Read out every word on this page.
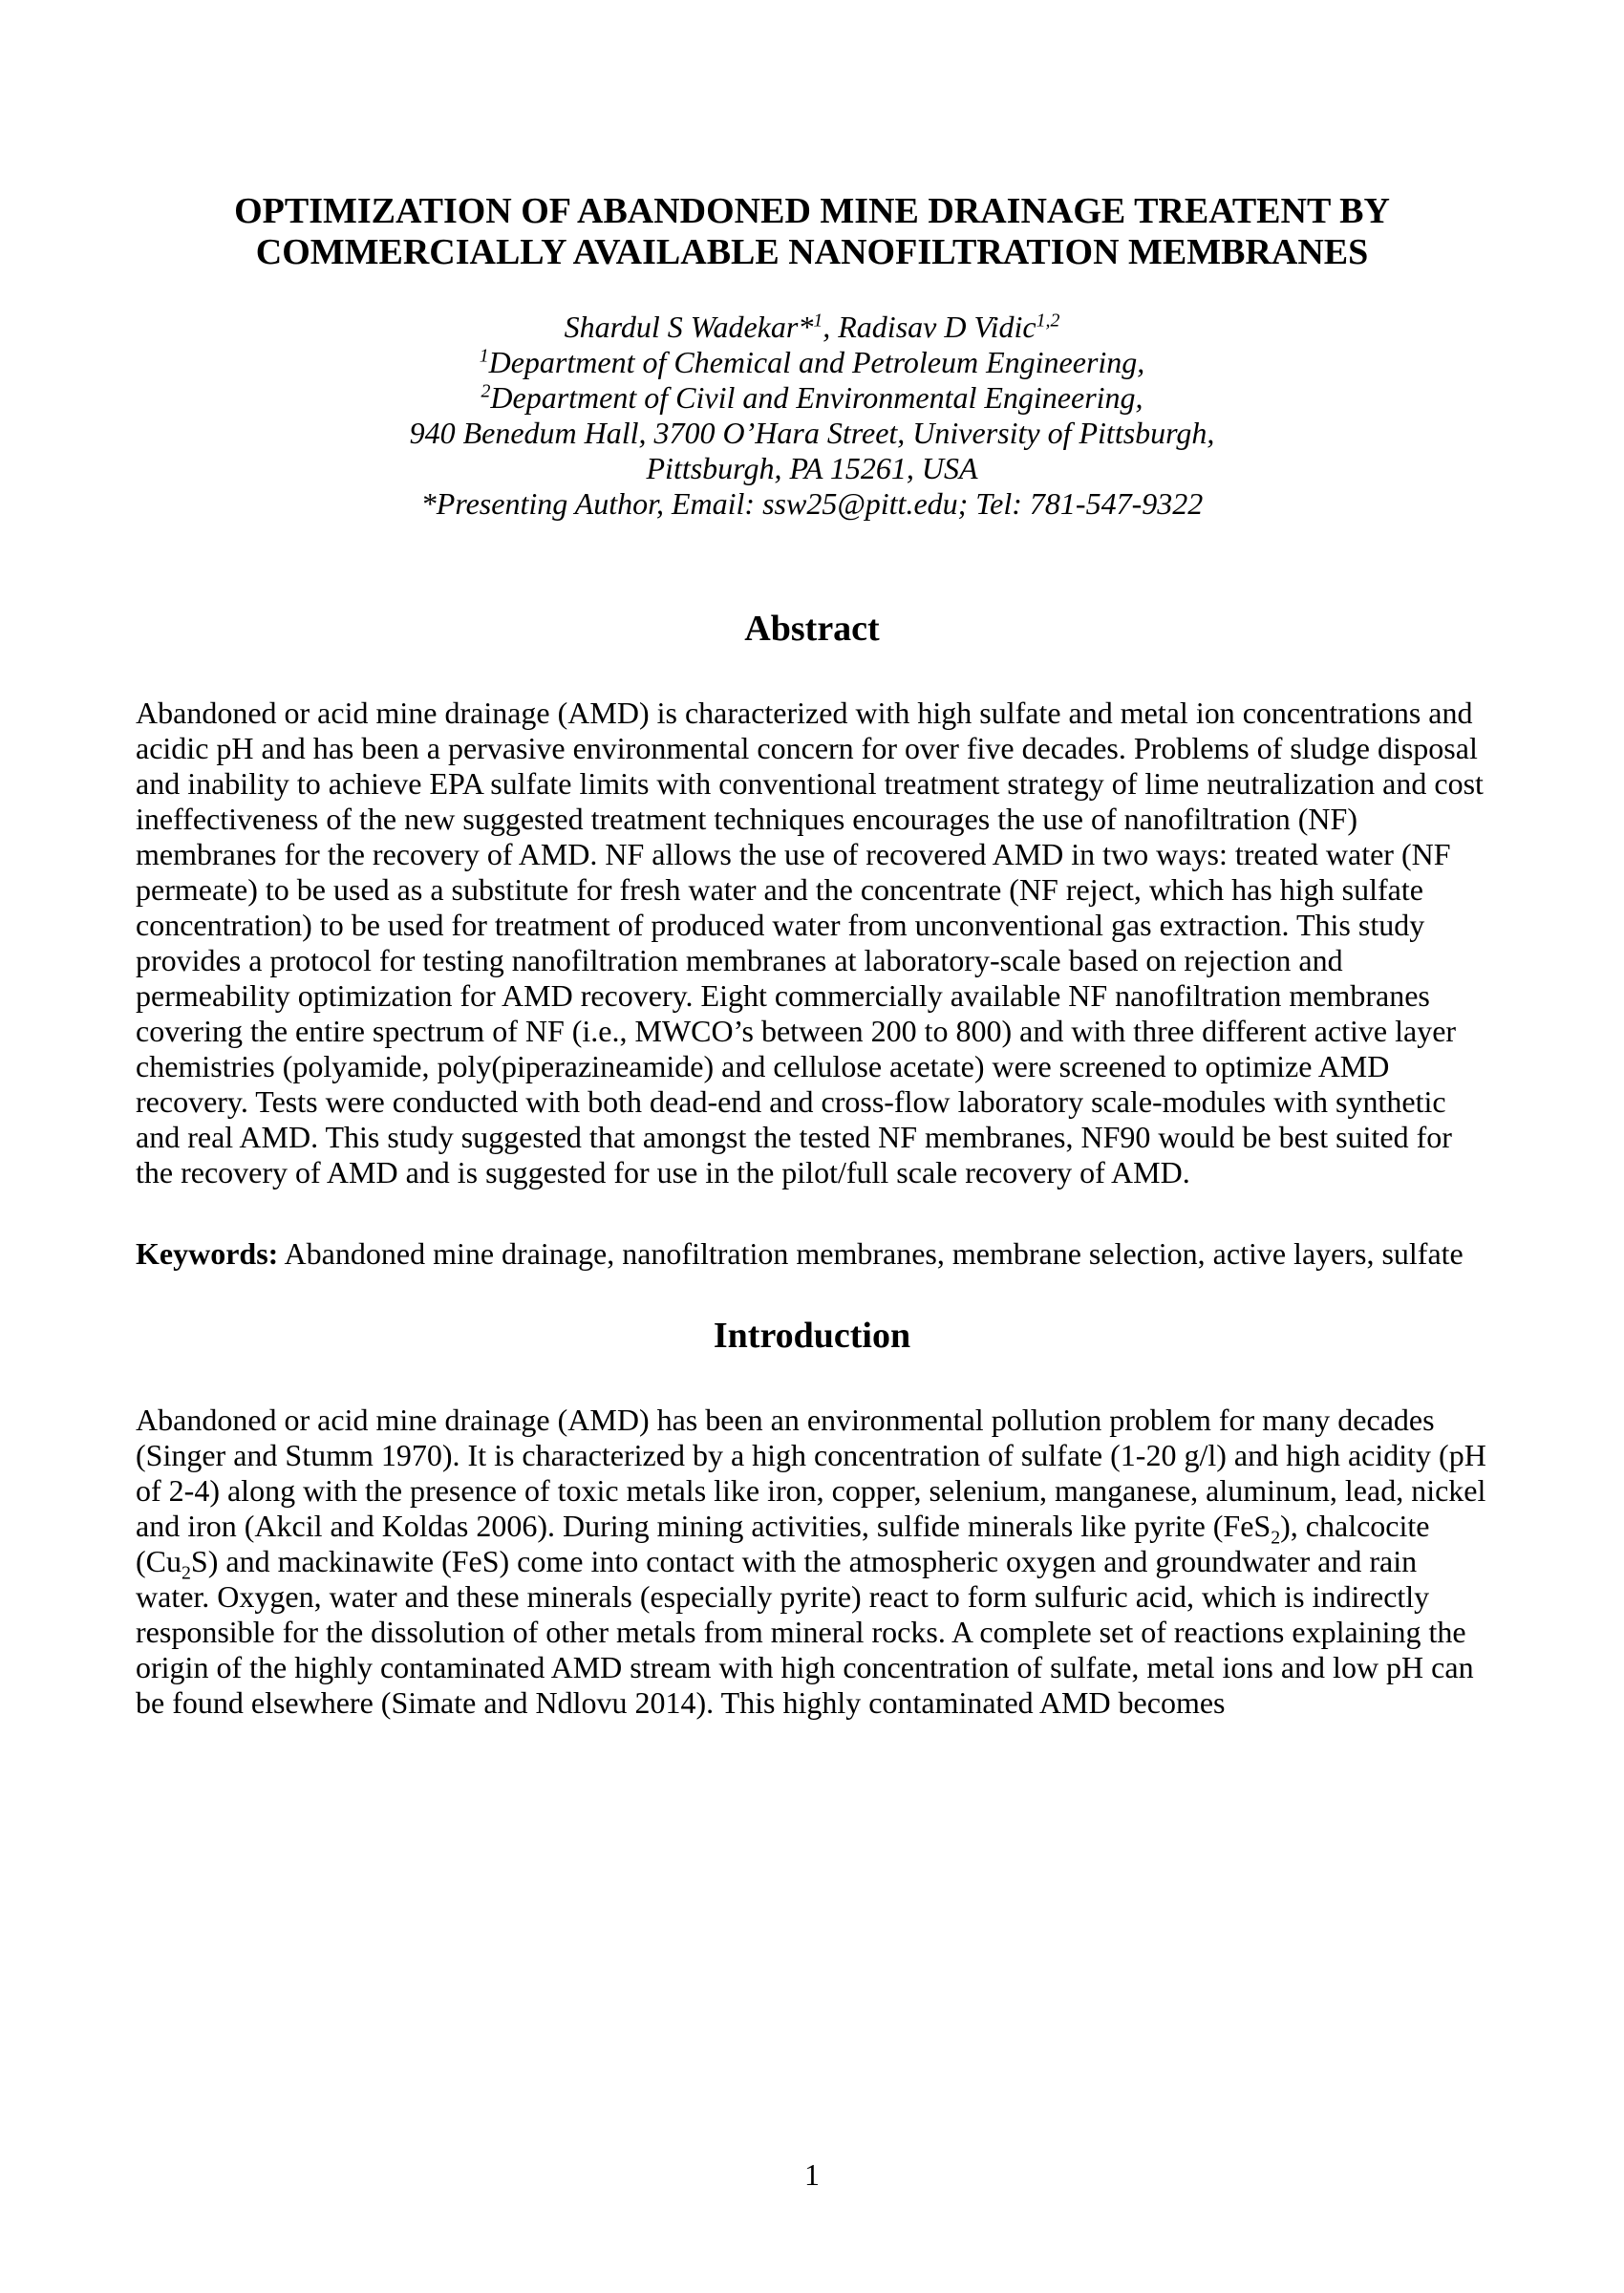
OPTIMIZATION OF ABANDONED MINE DRAINAGE TREATENT BY
COMMERCIALLY AVAILABLE NANOFILTRATION MEMBRANES
Shardul S Wadekar*$^1$, Radisav D Vidic$^{1,2}$
$^1$Department of Chemical and Petroleum Engineering,
$^2$Department of Civil and Environmental Engineering,
940 Benedum Hall, 3700 O’Hara Street, University of Pittsburgh,
Pittsburgh, PA 15261, USA
*Presenting Author, Email: ssw25@pitt.edu; Tel: 781-547-9322
Abstract

Abandoned or acid mine drainage (AMD) is characterized with high sulfate and metal ion concentrations and acidic pH and has been a pervasive environmental concern for over five decades. Problems of sludge disposal and inability to achieve EPA sulfate limits with conventional treatment strategy of lime neutralization and cost ineffectiveness of the new suggested treatment techniques encourages the use of nanofiltration (NF) membranes for the recovery of AMD. NF allows the use of recovered AMD in two ways: treated water (NF permeate) to be used as a substitute for fresh water and the concentrate (NF reject, which has high sulfate concentration) to be used for treatment of produced water from unconventional gas extraction. This study provides a protocol for testing nanofiltration membranes at laboratory-scale based on rejection and permeability optimization for AMD recovery. Eight commercially available NF nanofiltration membranes covering the entire spectrum of NF (i.e., MWCO’s between 200 to 800) and with three different active layer chemistries (polyamide, poly(piperazineamide) and cellulose acetate) were screened to optimize AMD recovery. Tests were conducted with both dead-end and cross-flow laboratory scale-modules with synthetic and real AMD. This study suggested that amongst the tested NF membranes, NF90 would be best suited for the recovery of AMD and is suggested for use in the pilot/full scale recovery of AMD.

Keywords: Abandoned mine drainage, nanofiltration membranes, membrane selection, active layers, sulfate

Introduction

Abandoned or acid mine drainage (AMD) has been an environmental pollution problem for many decades (Singer and Stumm 1970). It is characterized by a high concentration of sulfate (1-20 g/l) and high acidity (pH of 2-4) along with the presence of toxic metals like iron, copper, selenium, manganese, aluminum, lead, nickel and iron (Akcil and Koldas 2006). During mining activities, sulfide minerals like pyrite (FeS$_2$), chalcocite $(Cu_2S)$ and mackinawite (FeS) come into contact with the atmospheric oxygen and groundwater and rain water. Oxygen, water and these minerals (especially pyrite) react to form sulfuric acid, which is indirectly responsible for the dissolution of other metals from mineral rocks. A complete set of reactions explaining the origin of the highly contaminated AMD stream with high concentration of sulfate, metal ions and low pH can be found elsewhere (Simate and Ndlovu 2014). This highly contaminated AMD becomes

1
